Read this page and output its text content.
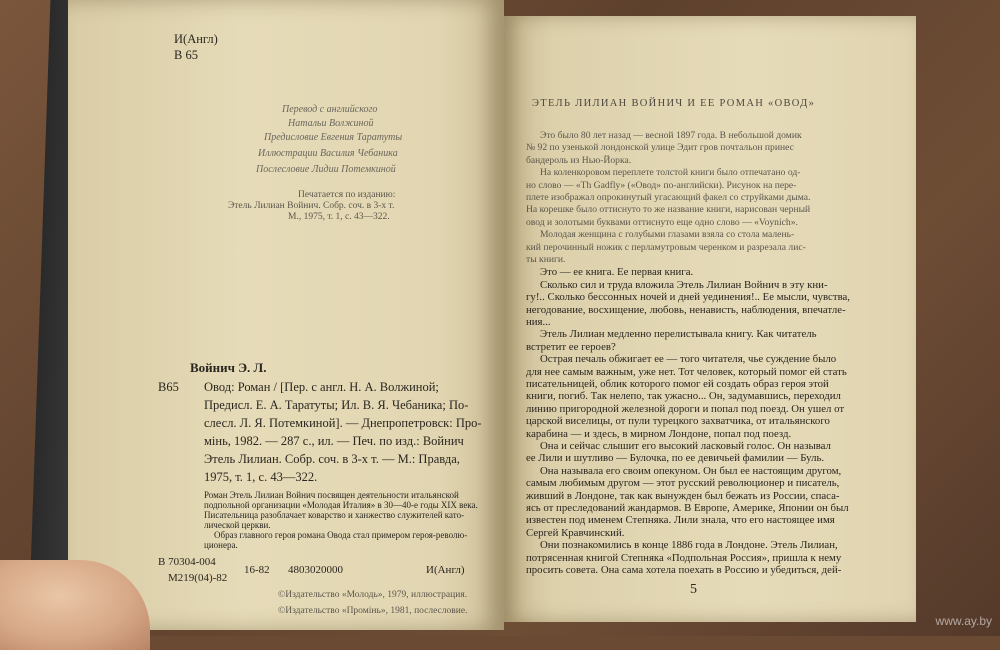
И(Англ)
В 65
Перевод с английского
Натальи Волжиной
Предисловие Евгения Таратуты
Иллюстрации Василия Чебаника
Послесловие Лидии Потемкиной
Печатается по изданию:
Этель Лилиан Войнич. Собр. соч. в 3-х т.
М., 1975, т. 1, с. 43—322.
Войнич Э. Л.
В65 Овод: Роман / [Пер. с англ. Н. А. Волжиной;
Предисл. Е. А. Таратуты; Ил. В. Я. Чебаника; По-
слесл. Л. Я. Потемкиной]. — Днепропетровск: Про-
мінь, 1982. — 287 с., ил. — Печ. по изд.: Войнич
Этель Лилиан. Собр. соч. в 3-х т. — М.: Правда,
1975, т. 1, с. 43—322.
Роман Этель Лилиан Войнич посвящен деятельности итальянской
подпольной организации «Молодая Италия» в 30—40-е годы XIX века.
Писательница разоблачает коварство и ханжество служителей като-
лической церкви.
Образ главного героя романа Овода стал примером героя-револю-
ционера.
В 70304-004
М219(04)-82
16-82 4803020000	И(Англ)
©Издательство «Молодь», 1979, иллюстрация.
©Издательство «Промінь», 1981, послесловие.
ЭТЕЛЬ ЛИЛИАН ВОЙНИЧ И ЕЕ РОМАН «ОВОД»
Это было 80 лет назад — весной 1897 года. В небольшой домик
№ 92 по узенькой лондонской улице Эдит гров почтальон принес
бандероль из Нью-Йорка.
На коленкоровом переплете толстой книги было отпечатано од-
но слово — «Th Gadfly» («Овод» по-английски). Рисунок на пере-
плете изображал опрокинутый угасающий факел со струйками дыма.
На корешке было оттиснуто то же название книги, нарисован черный
овод и золотыми буквами оттиснуто еще одно слово — «Voynich».
Молодая женщина с голубыми глазами взяла со стола малень-
кий перочинный ножик с перламутровым черенком и разрезала лис-
ты книги.
Это — ее книга. Ее первая книга.
Сколько сил и труда вложила Этель Лилиан Войнич в эту кни-
гу!.. Сколько бессонных ночей и дней уединения!.. Ее мысли, чувства,
негодование, восхищение, любовь, ненависть, наблюдения, впечатле-
ния...
Этель Лилиан медленно перелистывала книгу. Как читатель
встретит ее героев?
Острая печаль обжигает ее — того читателя, чье суждение было
для нее самым важным, уже нет. Тот человек, который помог ей стать
писательницей, облик которого помог ей создать образ героя этой
книги, погиб. Так нелепо, так ужасно... Он, задумавшись, переходил
линию пригородной железной дороги и попал под поезд. Он ушел от
царской виселицы, от пули турецкого захватчика, от итальянского
карабина — и здесь, в мирном Лондоне, попал под поезд.
Она и сейчас слышит его высокий ласковый голос. Он называл
ее Лили и шутливо — Булочка, по ее девичьей фамилии — Буль.
Она называла его своим опекуном. Он был ее настоящим другом,
самым любимым другом — этот русский революционер и писатель,
живший в Лондоне, так как вынужден был бежать из России, спаса-
ясь от преследований жандармов. В Европе, Америке, Японии он был
известен под именем Степняка. Лили знала, что его настоящее имя
Сергей Кравчинский.
Они познакомились в конце 1886 года в Лондоне. Этель Лилиан,
потрясенная книгой Степняка «Подпольная Россия», пришла к нему
просить совета. Она сама хотела поехать в Россию и убедиться, дей-
5
www.ay.by
